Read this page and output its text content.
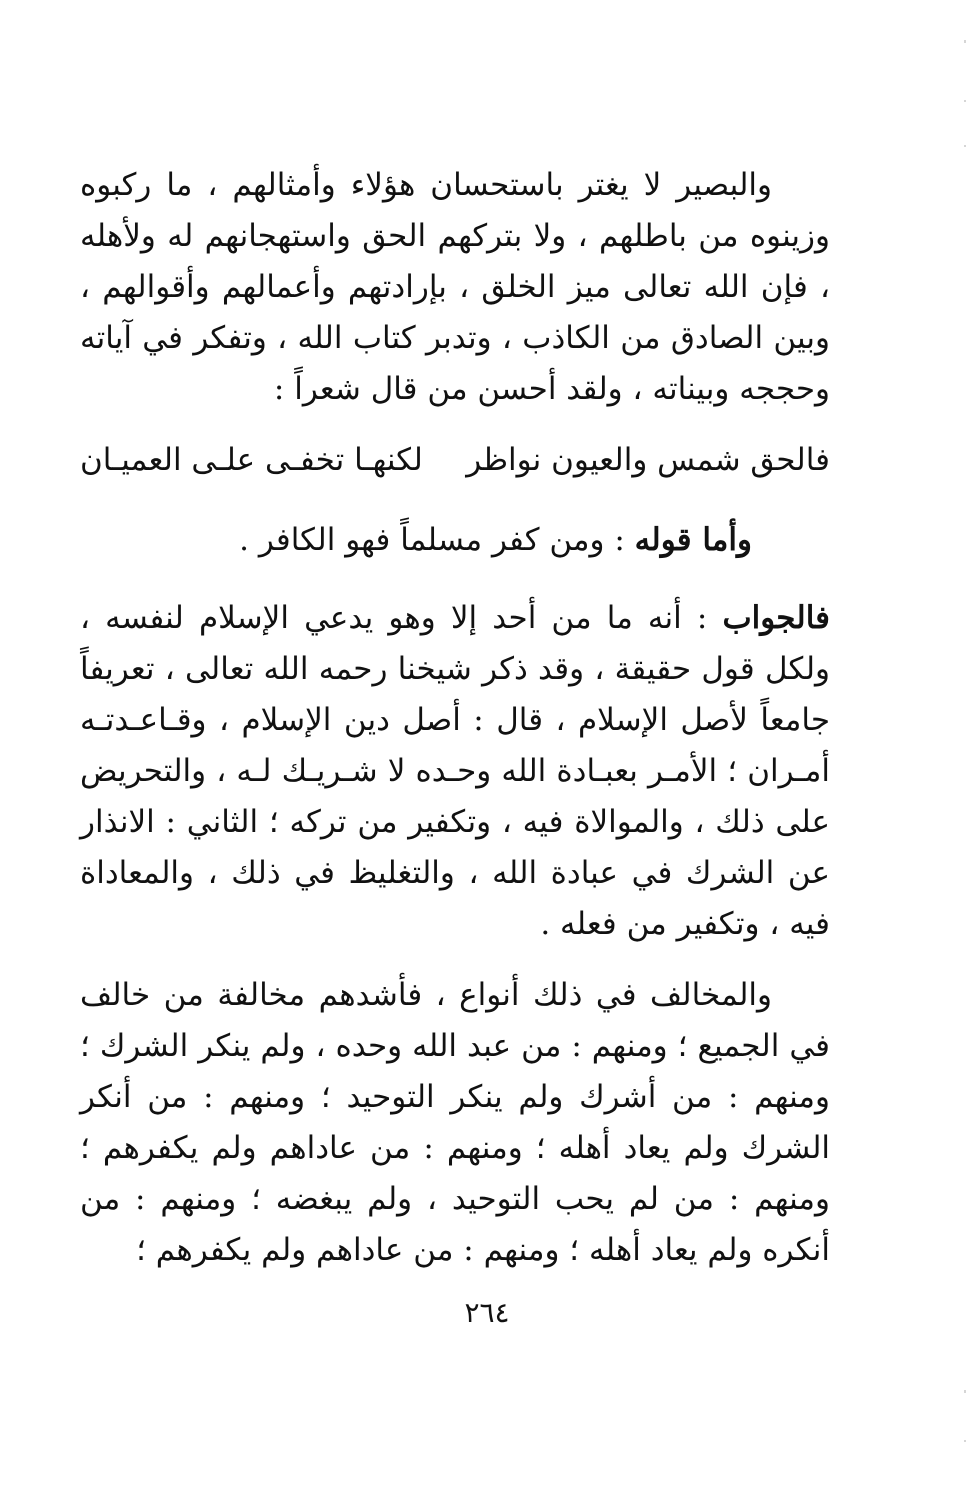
والبصير لا يغتر باستحسان هؤلاء وأمثالهم ، ما ركبوه وزينوه من باطلهم ، ولا بتركهم الحق واستهجانهم له ولأهله ، فإن الله تعالى ميز الخلق ، بإرادتهم وأعمالهم وأقوالهم ، وبين الصادق من الكاذب ، وتدبر كتاب الله ، وتفكر في آياته وحججه وبيناته ، ولقد أحسن من قال شعراً :

فالحق شمس والعيون نواظر
لكنهـا تخفـى علـى العميـان

وأما قوله : ومن كفر مسلماً فهو الكافر .

فالجواب : أنه ما من أحد إلا وهو يدعي الإسلام لنفسه ، ولكل قول حقيقة ، وقد ذكر شيخنا رحمه الله تعالى ، تعريفاً جامعاً لأصل الإسلام ، قال : أصل دين الإسلام ، وقـاعـدتـه أمـران ؛ الأمـر بعبـادة الله وحـده لا شـريـك لـه ، والتحريض على ذلك ، والموالاة فيه ، وتكفير من تركه ؛ الثاني : الانذار عن الشرك في عبادة الله ، والتغليظ في ذلك ، والمعاداة فيه ، وتكفير من فعله .

والمخالف في ذلك أنواع ، فأشدهم مخالفة من خالف في الجميع ؛ ومنهم : من عبد الله وحده ، ولم ينكر الشرك ؛ ومنهم : من أشرك ولم ينكر التوحيد ؛ ومنهم : من أنكر الشرك ولم يعاد أهله ؛ ومنهم : من عاداهم ولم يكفرهم ؛ ومنهم : من لم يحب التوحيد ، ولم يبغضه ؛ ومنهم : من أنكره ولم يعاد أهله ؛ ومنهم : من عاداهم ولم يكفرهم ؛

٢٦٤
